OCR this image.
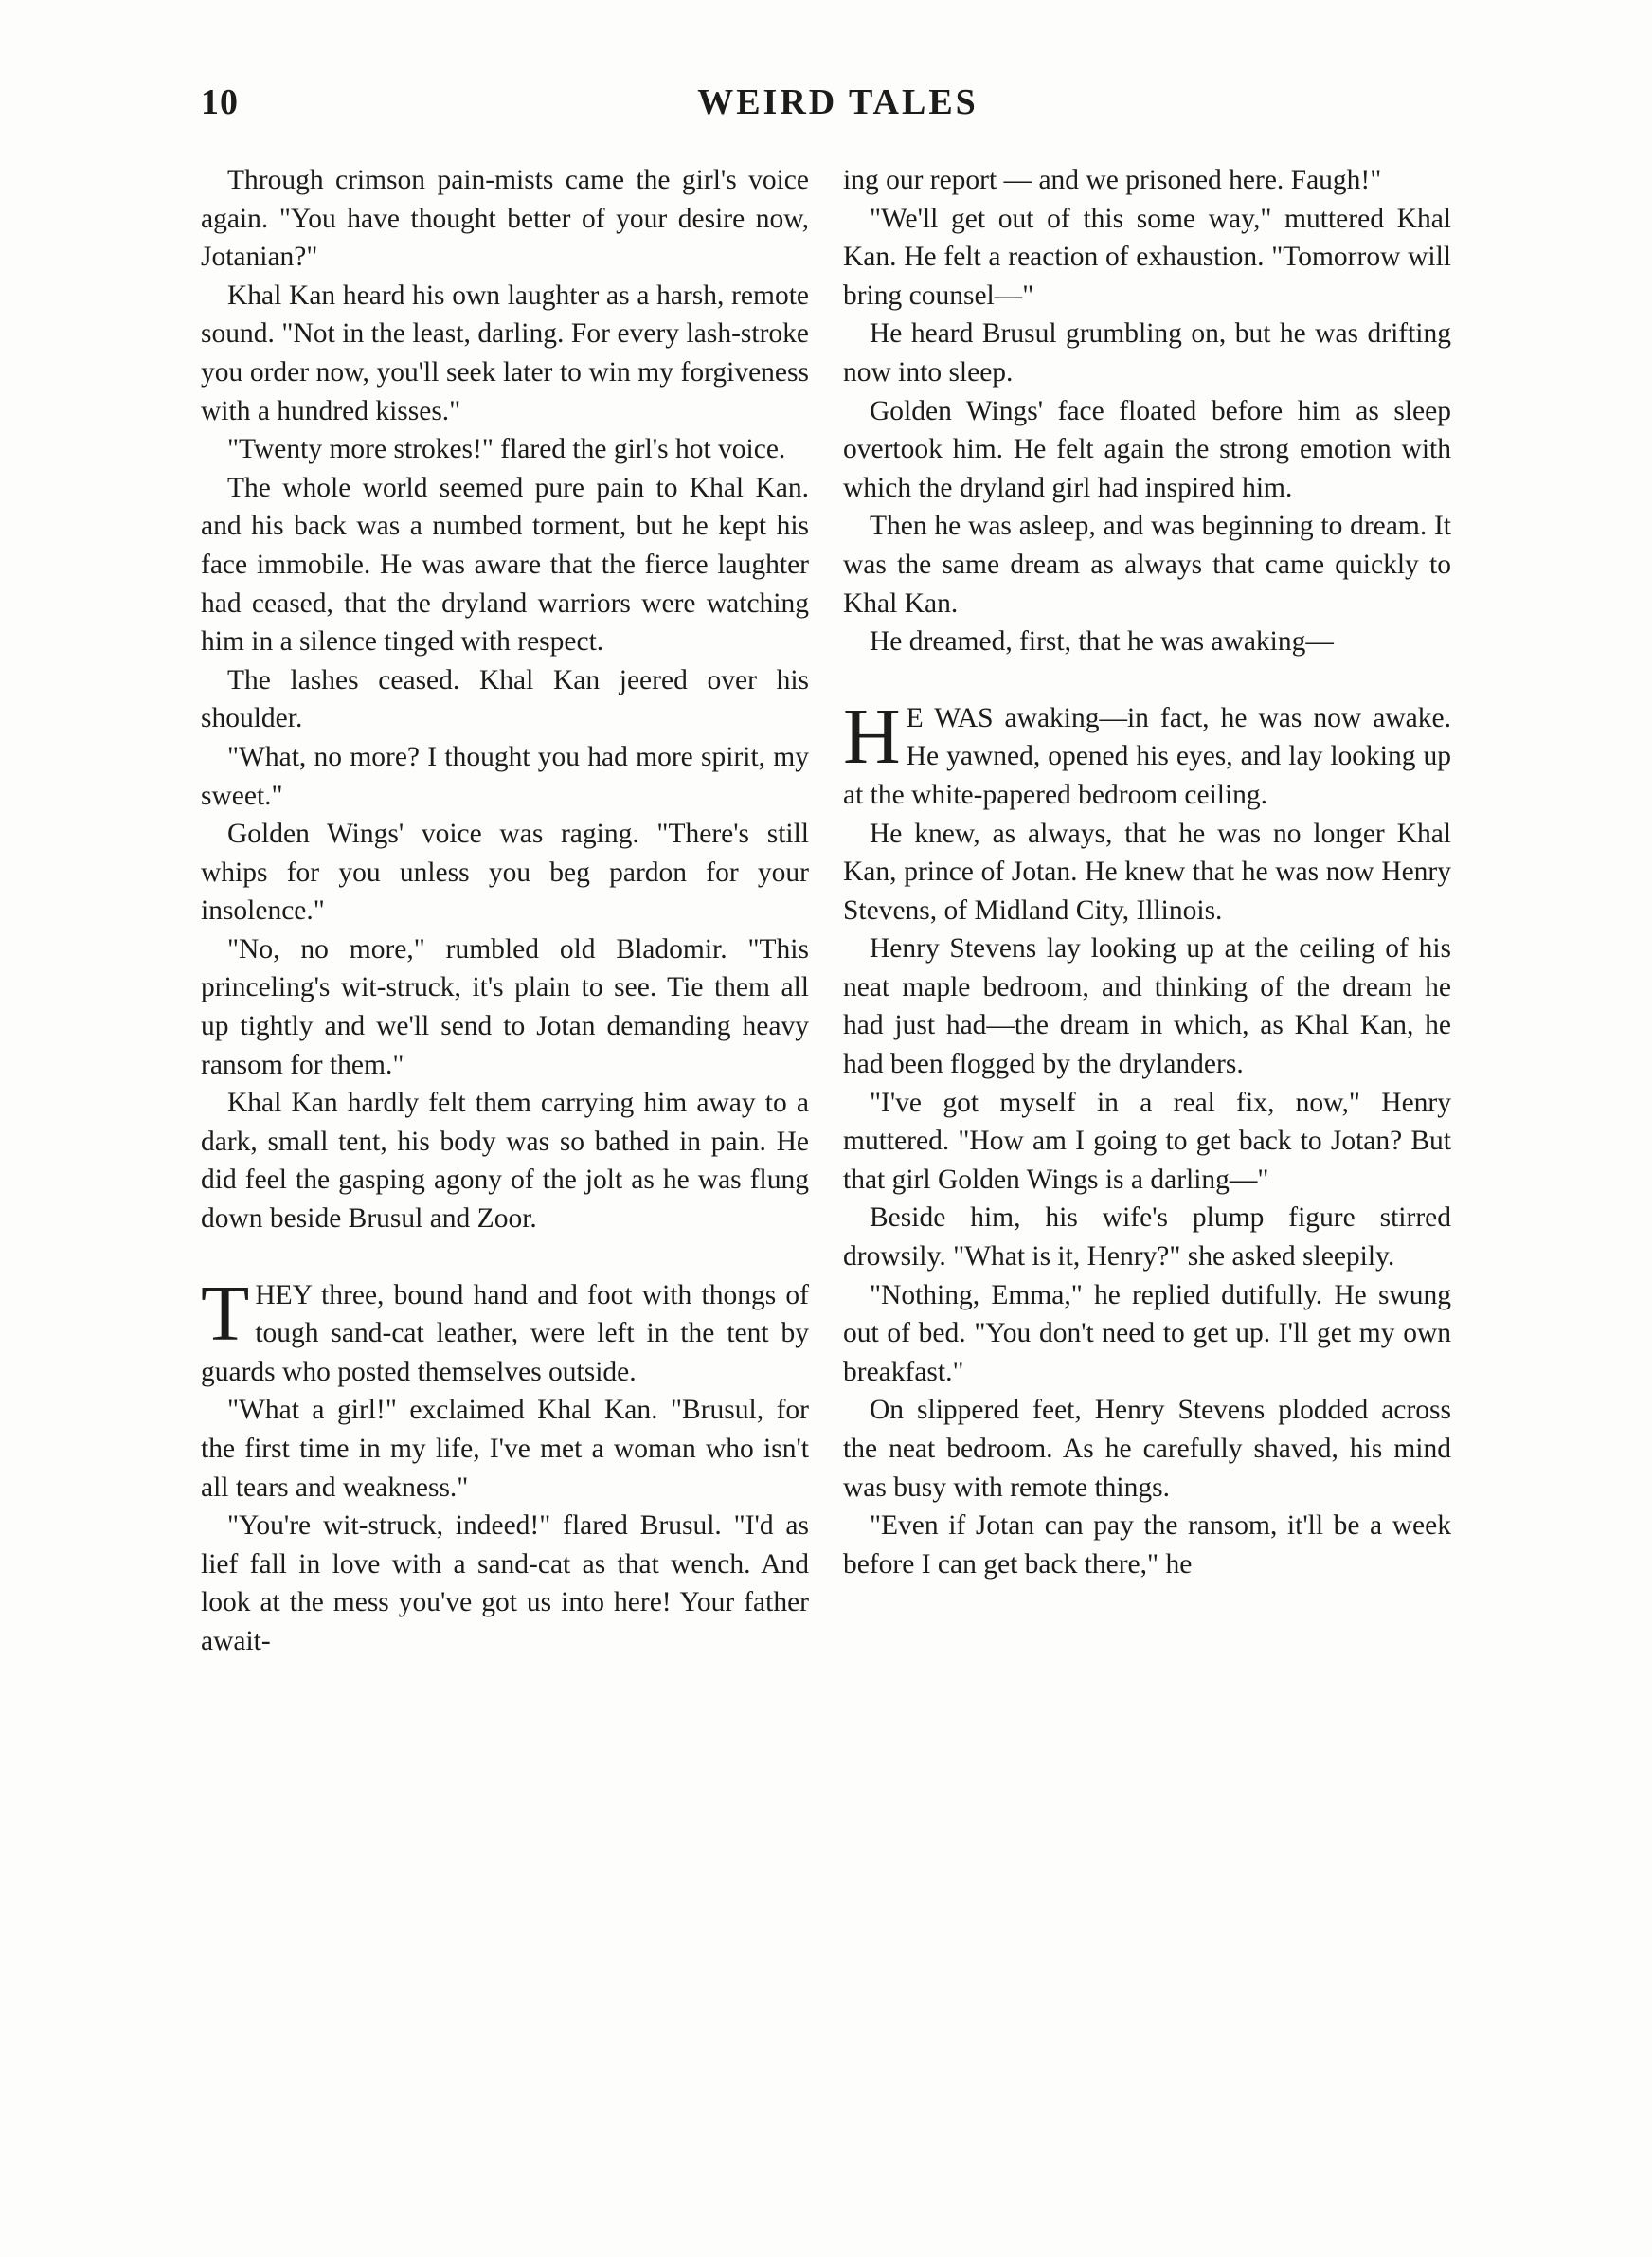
10	WEIRD TALES

Through crimson pain-mists came the girl's voice again. "You have thought better of your desire now, Jotanian?"

Khal Kan heard his own laughter as a harsh, remote sound. "Not in the least, darling. For every lash-stroke you order now, you'll seek later to win my forgiveness with a hundred kisses."

"Twenty more strokes!" flared the girl's hot voice.

The whole world seemed pure pain to Khal Kan. and his back was a numbed torment, but he kept his face immobile. He was aware that the fierce laughter had ceased, that the dryland warriors were watching him in a silence tinged with respect.

The lashes ceased. Khal Kan jeered over his shoulder.

"What, no more? I thought you had more spirit, my sweet."

Golden Wings' voice was raging. "There's still whips for you unless you beg pardon for your insolence."

"No, no more," rumbled old Bladomir. "This princeling's wit-struck, it's plain to see. Tie them all up tightly and we'll send to Jotan demanding heavy ransom for them."

Khal Kan hardly felt them carrying him away to a dark, small tent, his body was so bathed in pain. He did feel the gasping agony of the jolt as he was flung down beside Brusul and Zoor.

THEY three, bound hand and foot with thongs of tough sand-cat leather, were left in the tent by guards who posted themselves outside.

"What a girl!" exclaimed Khal Kan. "Brusul, for the first time in my life, I've met a woman who isn't all tears and weakness."

"You're wit-struck, indeed!" flared Brusul. "I'd as lief fall in love with a sand-cat as that wench. And look at the mess you've got us into here! Your father await-

ing our report — and we prisoned here. Faugh!"

"We'll get out of this some way," muttered Khal Kan. He felt a reaction of exhaustion. "Tomorrow will bring counsel—"

He heard Brusul grumbling on, but he was drifting now into sleep.

Golden Wings' face floated before him as sleep overtook him. He felt again the strong emotion with which the dryland girl had inspired him.

Then he was asleep, and was beginning to dream. It was the same dream as always that came quickly to Khal Kan.

He dreamed, first, that he was awaking—

HE WAS awaking—in fact, he was now awake. He yawned, opened his eyes, and lay looking up at the white-papered bedroom ceiling.

He knew, as always, that he was no longer Khal Kan, prince of Jotan. He knew that he was now Henry Stevens, of Midland City, Illinois.

Henry Stevens lay looking up at the ceiling of his neat maple bedroom, and thinking of the dream he had just had—the dream in which, as Khal Kan, he had been flogged by the drylanders.

"I've got myself in a real fix, now," Henry muttered. "How am I going to get back to Jotan? But that girl Golden Wings is a darling—"

Beside him, his wife's plump figure stirred drowsily. "What is it, Henry?" she asked sleepily.

"Nothing, Emma," he replied dutifully. He swung out of bed. "You don't need to get up. I'll get my own breakfast."

On slippered feet, Henry Stevens plodded across the neat bedroom. As he carefully shaved, his mind was busy with remote things.

"Even if Jotan can pay the ransom, it'll be a week before I can get back there," he
